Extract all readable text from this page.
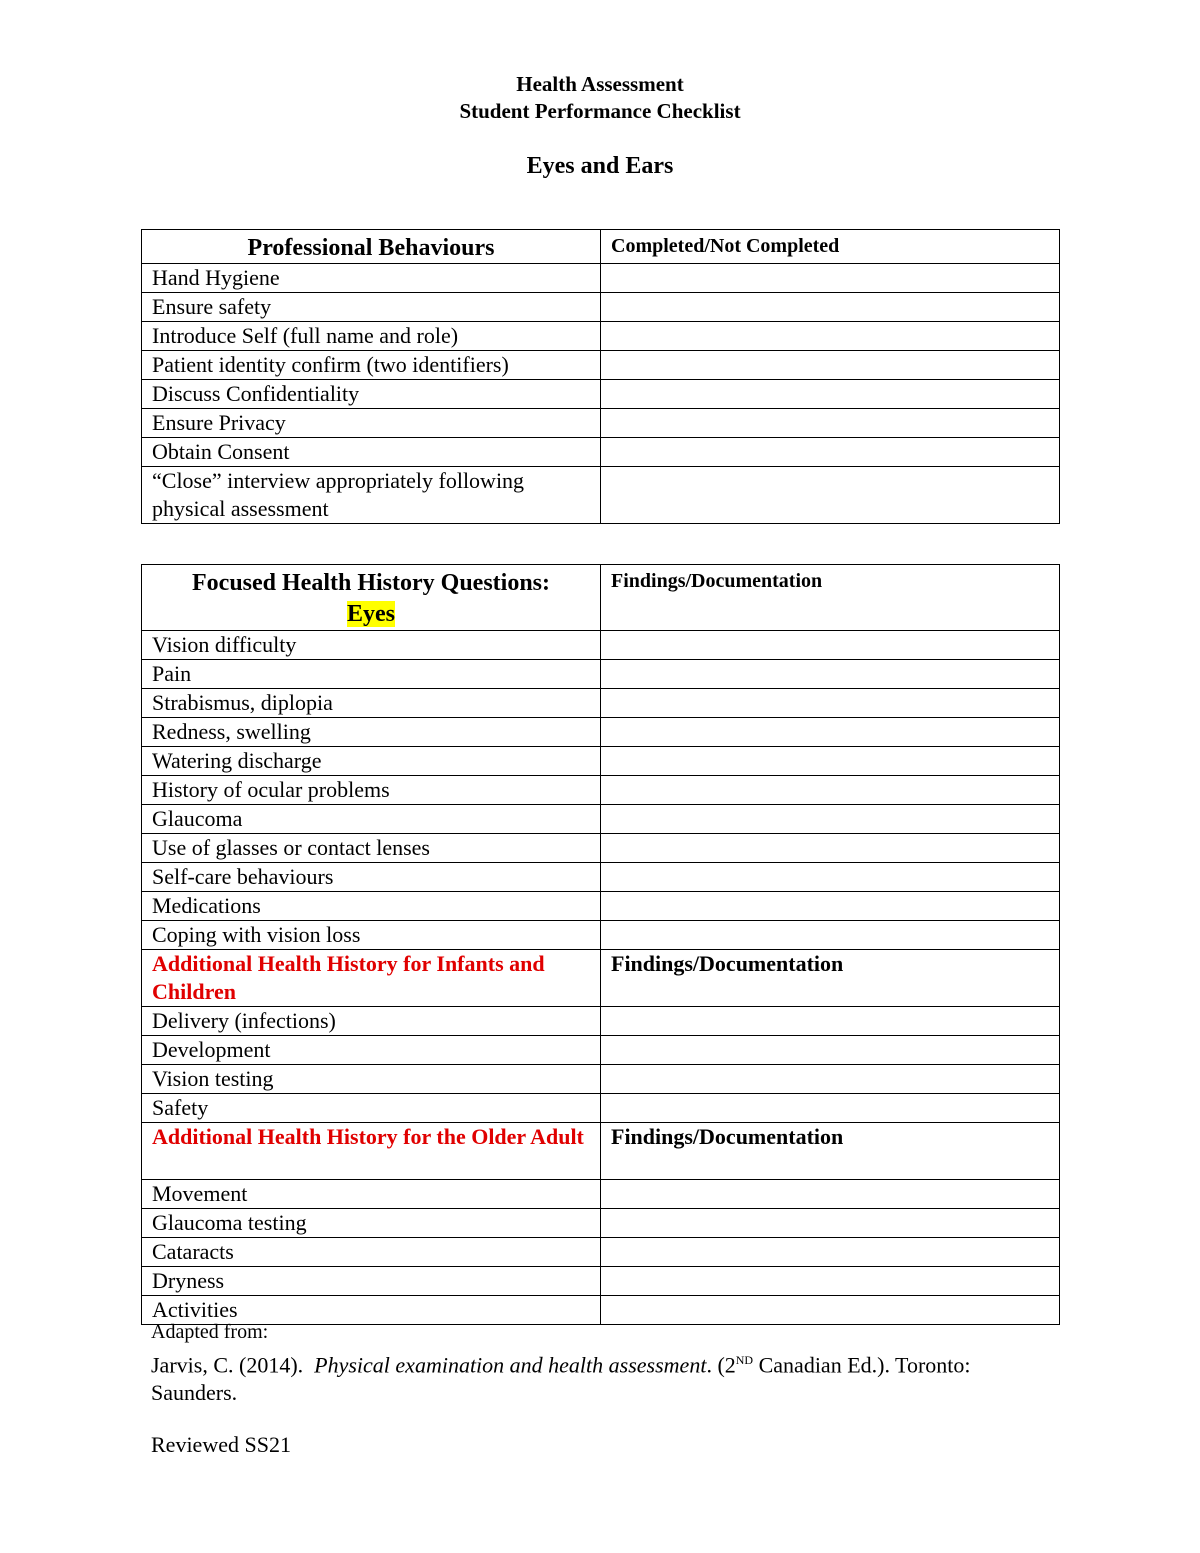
Health Assessment
Student Performance Checklist
Eyes and Ears
Professional Behaviours	Completed/Not Completed
Hand Hygiene	
Ensure safety	
Introduce Self (full name and role)	
Patient identity confirm (two identifiers)	
Discuss Confidentiality	
Ensure Privacy	
Obtain Consent	
“Close” interview appropriately following physical assessment	
Focused Health History Questions:
Eyes	Findings/Documentation
Vision difficulty	
Pain	
Strabismus, diplopia	
Redness, swelling	
Watering discharge	
History of ocular problems	
Glaucoma	
Use of glasses or contact lenses	
Self-care behaviours	
Medications	
Coping with vision loss	
Additional Health History for Infants and Children	Findings/Documentation
Delivery (infections)	
Development	
Vision testing	
Safety	
Additional Health History for the Older Adult	Findings/Documentation
Movement	
Glaucoma testing	
Cataracts	
Dryness	
Activities	
Adapted from:
Jarvis, C. (2014). Physical examination and health assessment. (2ND Canadian Ed.). Toronto: Saunders.
Reviewed SS21
